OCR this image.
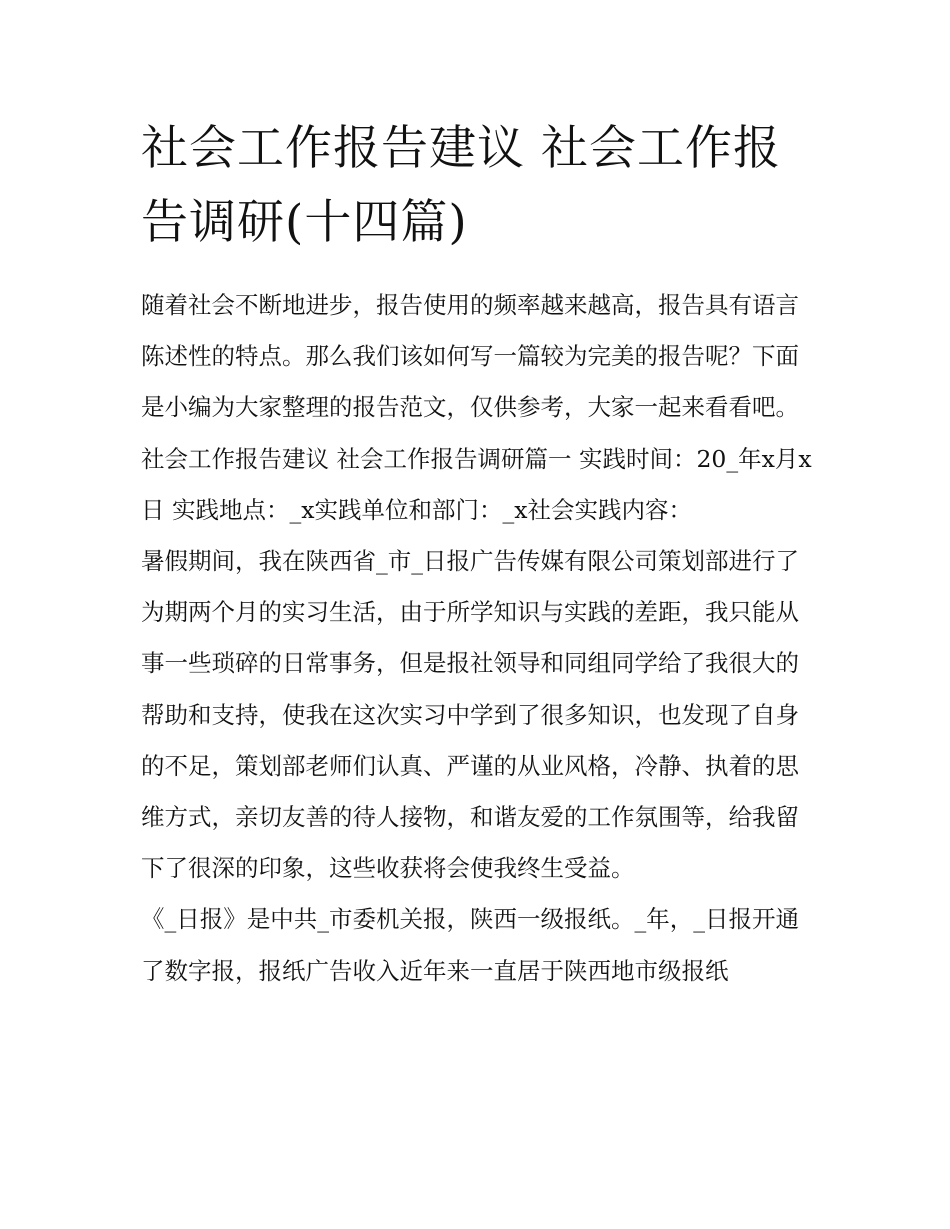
社会工作报告建议 社会工作报告调研(十四篇)

随着社会不断地进步，报告使用的频率越来越高，报告具有语言陈述性的特点。那么我们该如何写一篇较为完美的报告呢？下面是小编为大家整理的报告范文，仅供参考，大家一起来看看吧。

社会工作报告建议 社会工作报告调研篇一 实践时间：20_年x月x日 实践地点：_x实践单位和部门：_x社会实践内容：

暑假期间，我在陕西省_市_日报广告传媒有限公司策划部进行了为期两个月的实习生活，由于所学知识与实践的差距，我只能从事一些琐碎的日常事务，但是报社领导和同组同学给了我很大的帮助和支持，使我在这次实习中学到了很多知识，也发现了自身的不足，策划部老师们认真、严谨的从业风格，冷静、执着的思维方式，亲切友善的待人接物，和谐友爱的工作氛围等，给我留下了很深的印象，这些收获将会使我终生受益。

《_日报》是中共_市委机关报，陕西一级报纸。_年，_日报开通了数字报，报纸广告收入近年来一直居于陕西地市级报纸
